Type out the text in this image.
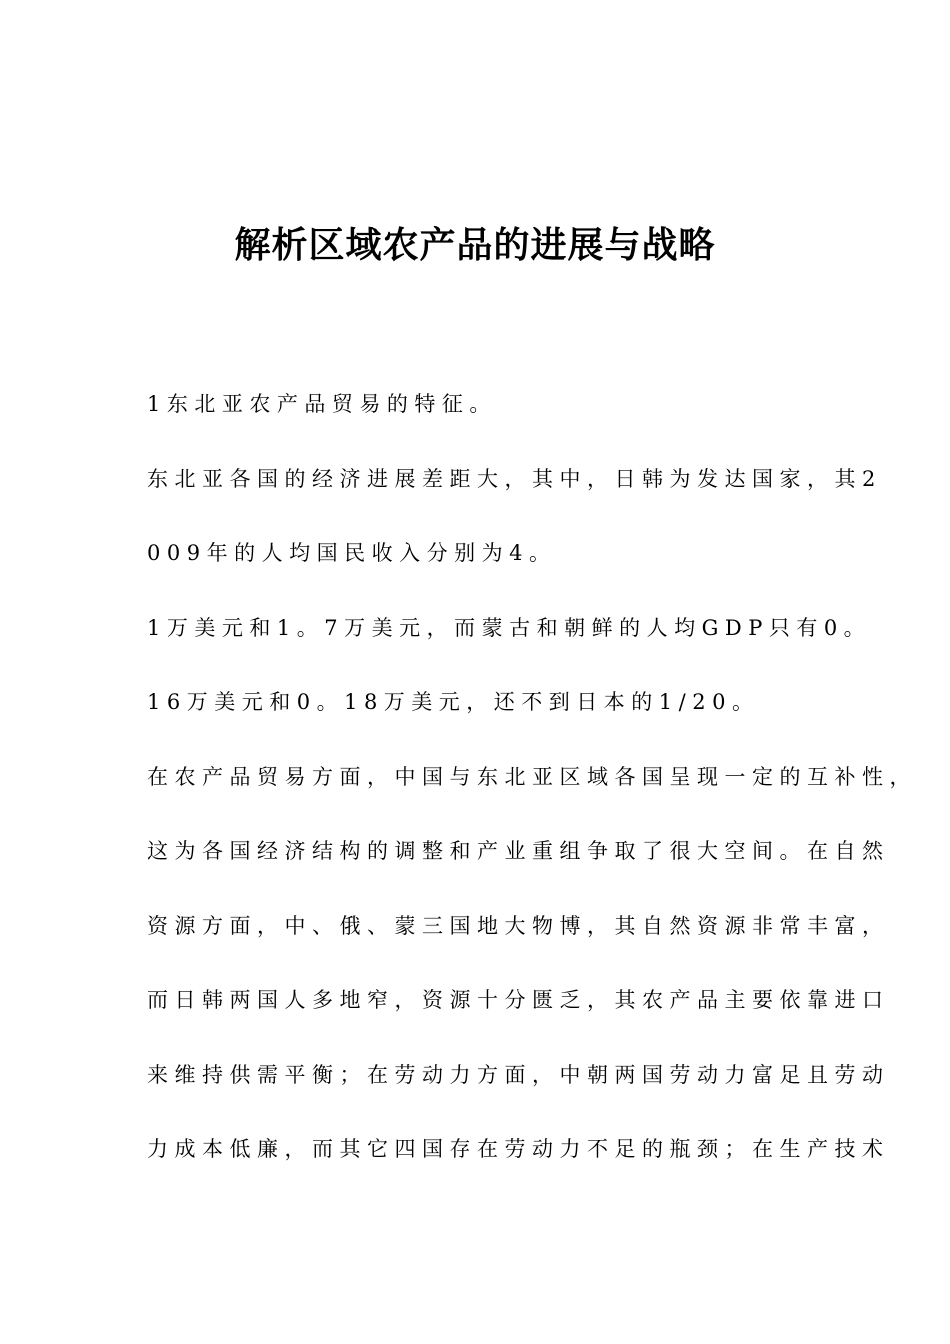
解析区域农产品的进展与战略
1东北亚农产品贸易的特征。
东北亚各国的经济进展差距大，其中，日韩为发达国家，其2
009年的人均国民收入分别为4。
1万美元和1。7万美元，而蒙古和朝鲜的人均GDP只有0。
16万美元和0。18万美元，还不到日本的1/20。
在农产品贸易方面，中国与东北亚区域各国呈现一定的互补性，
这为各国经济结构的调整和产业重组争取了很大空间。在自然
资源方面，中、俄、蒙三国地大物博，其自然资源非常丰富，
而日韩两国人多地窄，资源十分匮乏，其农产品主要依靠进口
来维持供需平衡；在劳动力方面，中朝两国劳动力富足且劳动
力成本低廉，而其它四国存在劳动力不足的瓶颈；在生产技术
